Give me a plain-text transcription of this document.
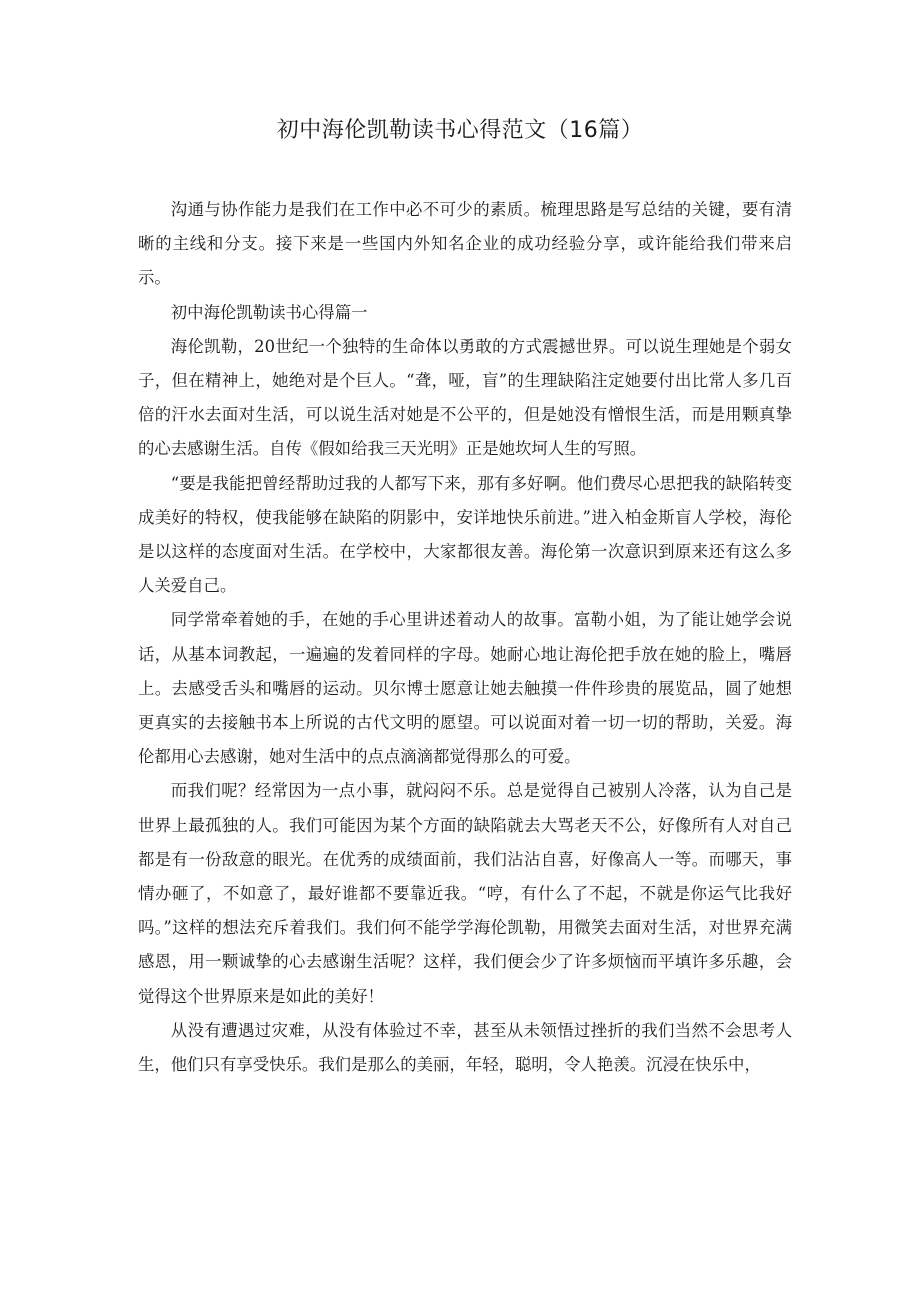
初中海伦凯勒读书心得范文（16篇）

沟通与协作能力是我们在工作中必不可少的素质。梳理思路是写总结的关键，要有清晰的主线和分支。接下来是一些国内外知名企业的成功经验分享，或许能给我们带来启示。

初中海伦凯勒读书心得篇一

海伦凯勒，20世纪一个独特的生命体以勇敢的方式震撼世界。可以说生理她是个弱女子，但在精神上，她绝对是个巨人。“聋，哑，盲”的生理缺陷注定她要付出比常人多几百倍的汗水去面对生活，可以说生活对她是不公平的，但是她没有憎恨生活，而是用颗真挚的心去感谢生活。自传《假如给我三天光明》正是她坎坷人生的写照。

“要是我能把曾经帮助过我的人都写下来，那有多好啊。他们费尽心思把我的缺陷转变成美好的特权，使我能够在缺陷的阴影中，安详地快乐前进。”进入柏金斯盲人学校，海伦是以这样的态度面对生活。在学校中，大家都很友善。海伦第一次意识到原来还有这么多人关爱自己。

同学常牵着她的手，在她的手心里讲述着动人的故事。富勒小姐，为了能让她学会说话，从基本词教起，一遍遍的发着同样的字母。她耐心地让海伦把手放在她的脸上，嘴唇上。去感受舌头和嘴唇的运动。贝尔博士愿意让她去触摸一件件珍贵的展览品，圆了她想更真实的去接触书本上所说的古代文明的愿望。可以说面对着一切一切的帮助，关爱。海伦都用心去感谢，她对生活中的点点滴滴都觉得那么的可爱。

而我们呢？经常因为一点小事，就闷闷不乐。总是觉得自己被别人冷落，认为自己是世界上最孤独的人。我们可能因为某个方面的缺陷就去大骂老天不公，好像所有人对自己都是有一份敌意的眼光。在优秀的成绩面前，我们沾沾自喜，好像高人一等。而哪天，事情办砸了，不如意了，最好谁都不要靠近我。“哼，有什么了不起，不就是你运气比我好吗。”这样的想法充斥着我们。我们何不能学学海伦凯勒，用微笑去面对生活，对世界充满感恩，用一颗诚挚的心去感谢生活呢？这样，我们便会少了许多烦恼而平填许多乐趣，会觉得这个世界原来是如此的美好！

从没有遭遇过灾难，从没有体验过不幸，甚至从未领悟过挫折的我们当然不会思考人生，他们只有享受快乐。我们是那么的美丽，年轻，聪明，令人艳羡。沉浸在快乐中，
